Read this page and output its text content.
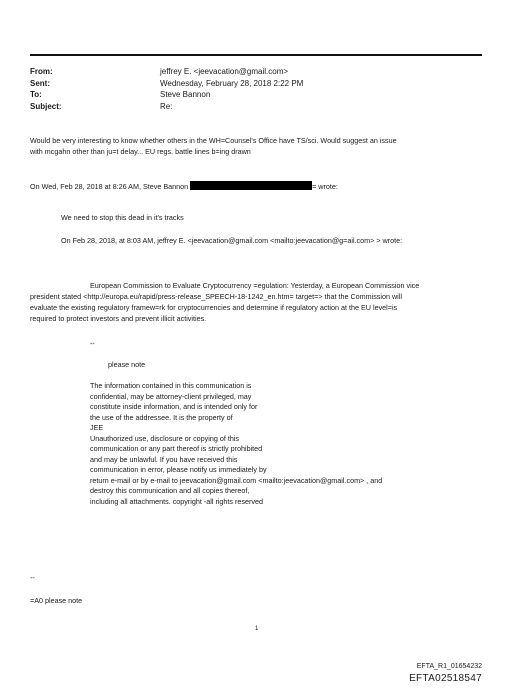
From:	jeffrey E. <jeevacation@gmail.com>
Sent:	Wednesday, February 28, 2018 2:22 PM
To:	Steve Bannon
Subject:	Re:
Would be very interesting to know whether others in the WH=Counsel's Office have TS/sci. Would suggest an issue
with mcgahn other than ju=t delay... EU regs. battle lines b=ing drawn
On Wed, Feb 28, 2018 at 8:26 AM, Steve Bannon	= wrote:
We need to stop this dead in it's tracks
On Feb 28, 2018, at 8:03 AM, jeffrey E. <jeevacation@gmail.com <mailto:jeevacation@g=ail.com> > wrote:
European Commission to Evaluate Cryptocurrency =egulation: Yesterday, a European Commission vice
president stated <http://europa.eu/rapid/press-release_SPEECH-18-1242_en.htm= target=> that the Commission will
evaluate the existing regulatory framew=rk for cryptocurrencies and determine if regulatory action at the EU level=is
required to protect investors and prevent illicit activities.
--
please note
The information contained in this communication is
confidential, may be attorney-client privileged, may
constitute inside information, and is intended only for
the use of the addressee. It is the property of
JEE
Unauthorized use, disclosure or copying of this
communication or any part thereof is strictly prohibited
and may be unlawful. If you have received this
communication in error, please notify us immediately by
return e-mail or by e-mail to jeevacation@gmail.com <mailto:jeevacation@gmail.com> , and
destroy this communication and all copies thereof,
including all attachments. copyright -all rights reserved
--
=A0 please note
1
EFTA_R1_01654232
EFTA02518547
